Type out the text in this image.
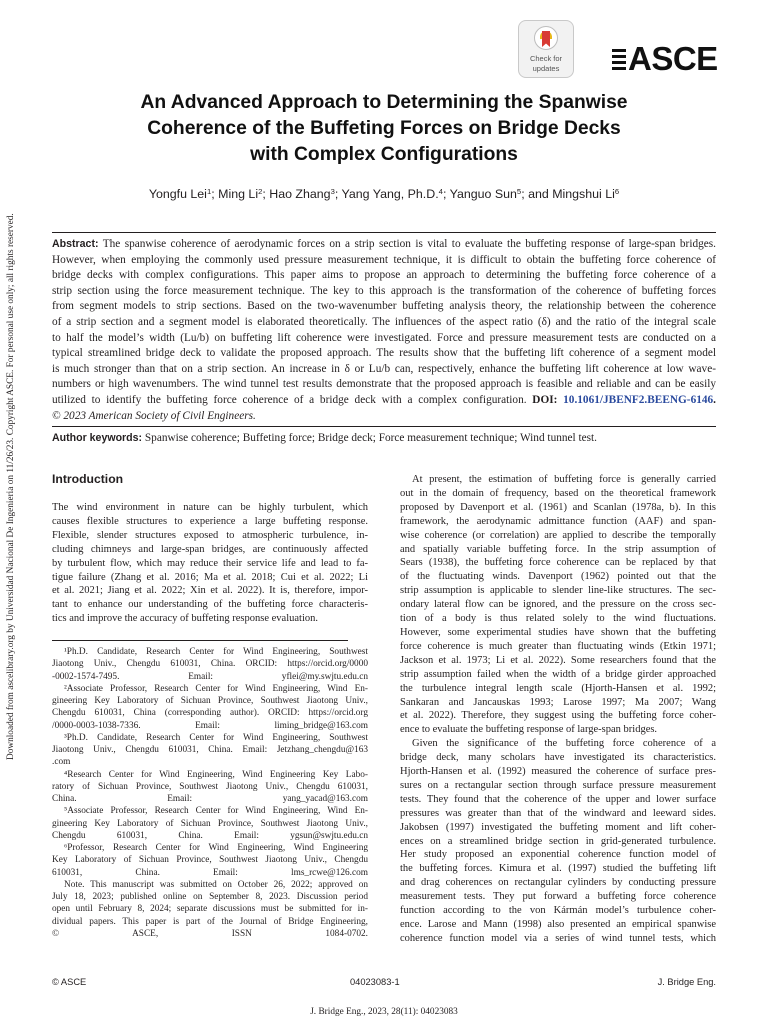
Downloaded from ascelibrary.org by Universidad Nacional De Ingenieria on 11/26/23. Copyright ASCE. For personal use only; all rights reserved.
Check for
updates	ASCE
An Advanced Approach to Determining the Spanwise
Coherence of the Buffeting Forces on Bridge Decks
with Complex Configurations
Yongfu Lei$^1$; Ming Li$^2$; Hao Zhang$^3$; Yang Yang, Ph.D.$^4$; Yanguo Sun$^5$; and Mingshui Li$^6$
Abstract: The spanwise coherence of aerodynamic forces on a strip section is vital to evaluate the buffeting response of large-span bridges.
However, when employing the commonly used pressure measurement technique, it is difficult to obtain the buffeting force coherence of
bridge decks with complex configurations. This paper aims to propose an approach to determining the buffeting force coherence of a
strip section using the force measurement technique. The key to this approach is the transformation of the coherence of buffeting forces
from segment models to strip sections. Based on the two-wavenumber buffeting analysis theory, the relationship between the coherence
of a strip section and a segment model is elaborated theoretically. The influences of the aspect ratio (δ) and the ratio of the integral scale
to half the model’s width (Lu/b) on buffeting lift coherence were investigated. Force and pressure measurement tests are conducted on a
typical streamlined bridge deck to validate the proposed approach. The results show that the buffeting lift coherence of a segment model
is much stronger than that on a strip section. An increase in δ or Lu/b can, respectively, enhance the buffeting lift coherence at low wave-
numbers or high wavenumbers. The wind tunnel test results demonstrate that the proposed approach is feasible and reliable and can be easily
utilized to identify the buffeting force coherence of a bridge deck with a complex configuration. DOI: 10.1061/JBENF2.BEENG-6146.
© 2023 American Society of Civil Engineers.
Author keywords: Spanwise coherence; Buffeting force; Bridge deck; Force measurement technique; Wind tunnel test.
Introduction
The wind environment in nature can be highly turbulent, which
causes flexible structures to experience a large buffeting response.
Flexible, slender structures exposed to atmospheric turbulence, in-
cluding chimneys and large-span bridges, are continuously affected
by turbulent flow, which may reduce their service life and lead to fa-
tigue failure (Zhang et al. 2016; Ma et al. 2018; Cui et al. 2022; Li
et al. 2021; Jiang et al. 2022; Xin et al. 2022). It is, therefore, impor-
tant to enhance our understanding of the buffeting force characteris-
tics and improve the accuracy of buffeting response evaluation.
¹Ph.D. Candidate, Research Center for Wind Engineering, Southwest
Jiaotong Univ., Chengdu 610031, China. ORCID: https://orcid.org/0000
-0002-1574-7495. Email: yflei@my.swjtu.edu.cn
²Associate Professor, Research Center for Wind Engineering, Wind En-
gineering Key Laboratory of Sichuan Province, Southwest Jiaotong Univ.,
Chengdu 610031, China (corresponding author). ORCID: https://orcid.org
/0000-0003-1038-7336. Email: liming_bridge@163.com
³Ph.D. Candidate, Research Center for Wind Engineering, Southwest
Jiaotong Univ., Chengdu 610031, China. Email: Jetzhang_chengdu@163
.com
⁴Research Center for Wind Engineering, Wind Engineering Key Labo-
ratory of Sichuan Province, Southwest Jiaotong Univ., Chengdu 610031,
China. Email: yang_yacad@163.com
⁵Associate Professor, Research Center for Wind Engineering, Wind En-
gineering Key Laboratory of Sichuan Province, Southwest Jiaotong Univ.,
Chengdu 610031, China. Email: ygsun@swjtu.edu.cn
⁶Professor, Research Center for Wind Engineering, Wind Engineering
Key Laboratory of Sichuan Province, Southwest Jiaotong Univ., Chengdu
610031, China. Email: lms_rcwe@126.com
Note. This manuscript was submitted on October 26, 2022; approved on
July 18, 2023; published online on September 8, 2023. Discussion period
open until February 8, 2024; separate discussions must be submitted for in-
dividual papers. This paper is part of the Journal of Bridge Engineering,
© ASCE, ISSN 1084-0702.
At present, the estimation of buffeting force is generally carried
out in the domain of frequency, based on the theoretical framework
proposed by Davenport et al. (1961) and Scanlan (1978a, b). In this
framework, the aerodynamic admittance function (AAF) and span-
wise coherence (or correlation) are applied to describe the temporally
and spatially variable buffeting force. In the strip assumption of
Sears (1938), the buffeting force coherence can be replaced by that
of the fluctuating winds. Davenport (1962) pointed out that the
strip assumption is applicable to slender line-like structures. The sec-
ondary lateral flow can be ignored, and the pressure on the cross sec-
tion of a body is thus related solely to the wind fluctuations.
However, some experimental studies have shown that the buffeting
force coherence is much greater than fluctuating winds (Etkin 1971;
Jackson et al. 1973; Li et al. 2022). Some researchers found that the
strip assumption failed when the width of a bridge girder approached
the turbulence integral length scale (Hjorth-Hansen et al. 1992;
Sankaran and Jancauskas 1993; Larose 1997; Ma 2007; Wang
et al. 2022). Therefore, they suggest using the buffeting force coher-
ence to evaluate the buffeting response of large-span bridges.
Given the significance of the buffeting force coherence of a
bridge deck, many scholars have investigated its characteristics.
Hjorth-Hansen et al. (1992) measured the coherence of surface pres-
sures on a rectangular section through surface pressure measurement
tests. They found that the coherence of the upper and lower surface
pressures was greater than that of the windward and leeward sides.
Jakobsen (1997) investigated the buffeting moment and lift coher-
ences on a streamlined bridge section in grid-generated turbulence.
Her study proposed an exponential coherence function model of
the buffeting forces. Kimura et al. (1997) studied the buffeting lift
and drag coherences on rectangular cylinders by conducting pressure
measurement tests. They put forward a buffeting force coherence
function according to the von Kármán model’s turbulence coher-
ence. Larose and Mann (1998) also presented an empirical spanwise
coherence function model via a series of wind tunnel tests, which
© ASCE	04023083-1	J. Bridge Eng.
J. Bridge Eng., 2023, 28(11): 04023083
